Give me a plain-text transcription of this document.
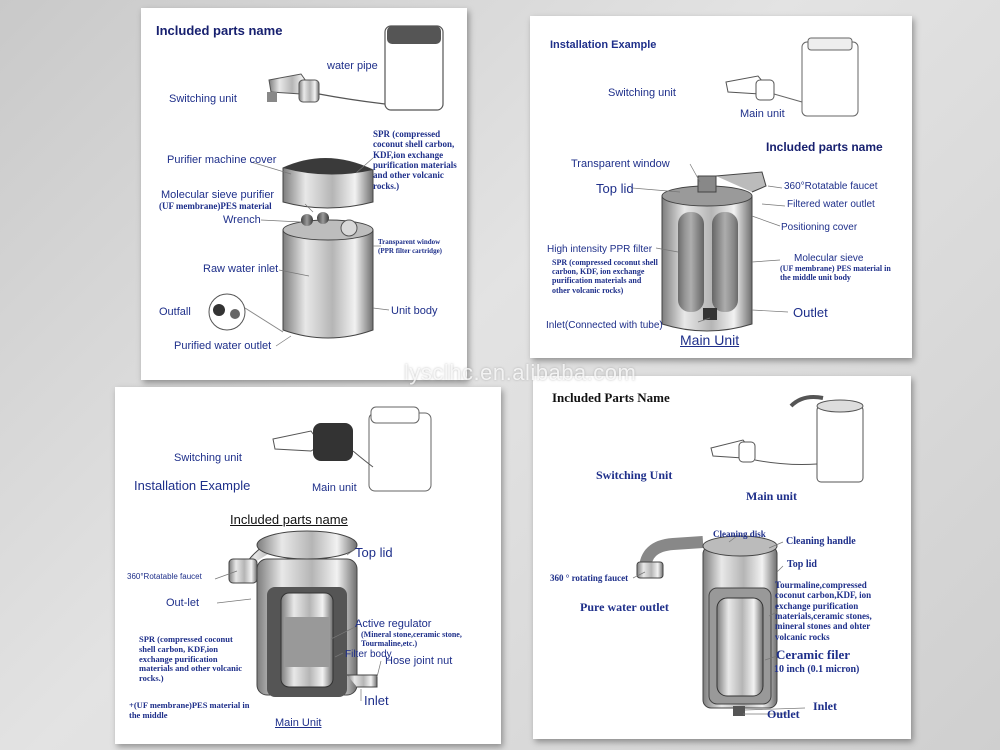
Included parts name
water pipe
Switching unit
Purifier machine cover
SPR (compressed coconut shell carbon, KDF,ion exchange purification materials and other volcanic rocks.)
Molecular sieve purifier
(UF membrane)PES material
Wrench
Transparent window
(PPR filter cartridge)
Raw water inlet
Outfall	Unit body
Purified water outlet
Installation Example
Switching unit
Main unit
Included parts name
Transparent window
Top lid	360°Rotatable faucet
Filtered water outlet
Positioning cover
High intensity PPR filter
SPR (compressed coconut shell carbon, KDF, ion exchange purification materials and other volcanic rocks)
Molecular sieve
(UF membrane) PES material in the middle unit body
Outlet
Inlet(Connected with tube)
Main Unit
Switching unit
Installation Example	Main unit
Included parts name
Top lid
360°Rotatable faucet
Out-let
Active regulator
(Mineral stone,ceramic stone, Tourmaline,etc.)
Filter body
Hose joint nut
SPR (compressed coconut shell carbon, KDF,ion exchange purification materials and other volcanic rocks.)
+(UF membrane)PES material in the middle
Inlet
Main Unit
Included Parts Name
Switching Unit
Main unit
Cleaning disk
Cleaning handle
Top lid
360 ° rotating faucet
Pure water outlet
Tourmaline,compressed coconut carbon,KDF, ion exchange purification materials,ceramic stones, mineral stones and ohter volcanic rocks
Ceramic filer
10 inch (0.1 micron)
Inlet
Outlet
lysclhc.en.alibaba.com
